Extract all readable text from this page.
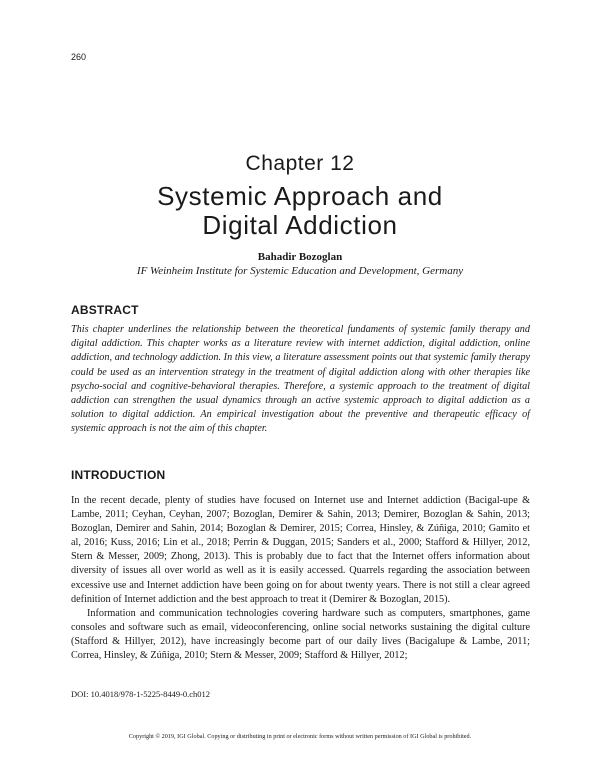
260
Chapter 12
Systemic Approach and
Digital Addiction
Bahadir Bozoglan
IF Weinheim Institute for Systemic Education and Development, Germany
ABSTRACT
This chapter underlines the relationship between the theoretical fundaments of systemic family therapy and digital addiction. This chapter works as a literature review with internet addiction, digital addiction, online addiction, and technology addiction. In this view, a literature assessment points out that systemic family therapy could be used as an intervention strategy in the treatment of digital addiction along with other therapies like psycho-social and cognitive-behavioral therapies. Therefore, a systemic approach to the treatment of digital addiction can strengthen the usual dynamics through an active systemic approach to digital addiction as a solution to digital addiction. An empirical investigation about the preventive and therapeutic efficacy of systemic approach is not the aim of this chapter.
INTRODUCTION

In the recent decade, plenty of studies have focused on Internet use and Internet addiction (Bacigal-upe & Lambe, 2011; Ceyhan, Ceyhan, 2007; Bozoglan, Demirer & Sahin, 2013; Demirer, Bozoglan & Sahin, 2013; Bozoglan, Demirer and Sahin, 2014; Bozoglan & Demirer, 2015; Correa, Hinsley, & Zúñiga, 2010; Gamito et al, 2016; Kuss, 2016; Lin et al., 2018; Perrin & Duggan, 2015; Sanders et al., 2000; Stafford & Hillyer, 2012, Stern & Messer, 2009; Zhong, 2013). This is probably due to fact that the Internet offers information about diversity of issues all over world as well as it is easily accessed. Quarrels regarding the association between excessive use and Internet addiction have been going on for about twenty years. There is not still a clear agreed definition of Internet addiction and the best approach to treat it (Demirer & Bozoglan, 2015).

Information and communication technologies covering hardware such as computers, smartphones, game consoles and software such as email, videoconferencing, online social networks sustaining the digital culture (Stafford & Hillyer, 2012), have increasingly become part of our daily lives (Bacigalupe & Lambe, 2011; Correa, Hinsley, & Zúñiga, 2010; Stern & Messer, 2009; Stafford & Hillyer, 2012;

DOI: 10.4018/978-1-5225-8449-0.ch012
Copyright © 2019, IGI Global. Copying or distributing in print or electronic forms without written permission of IGI Global is prohibited.
